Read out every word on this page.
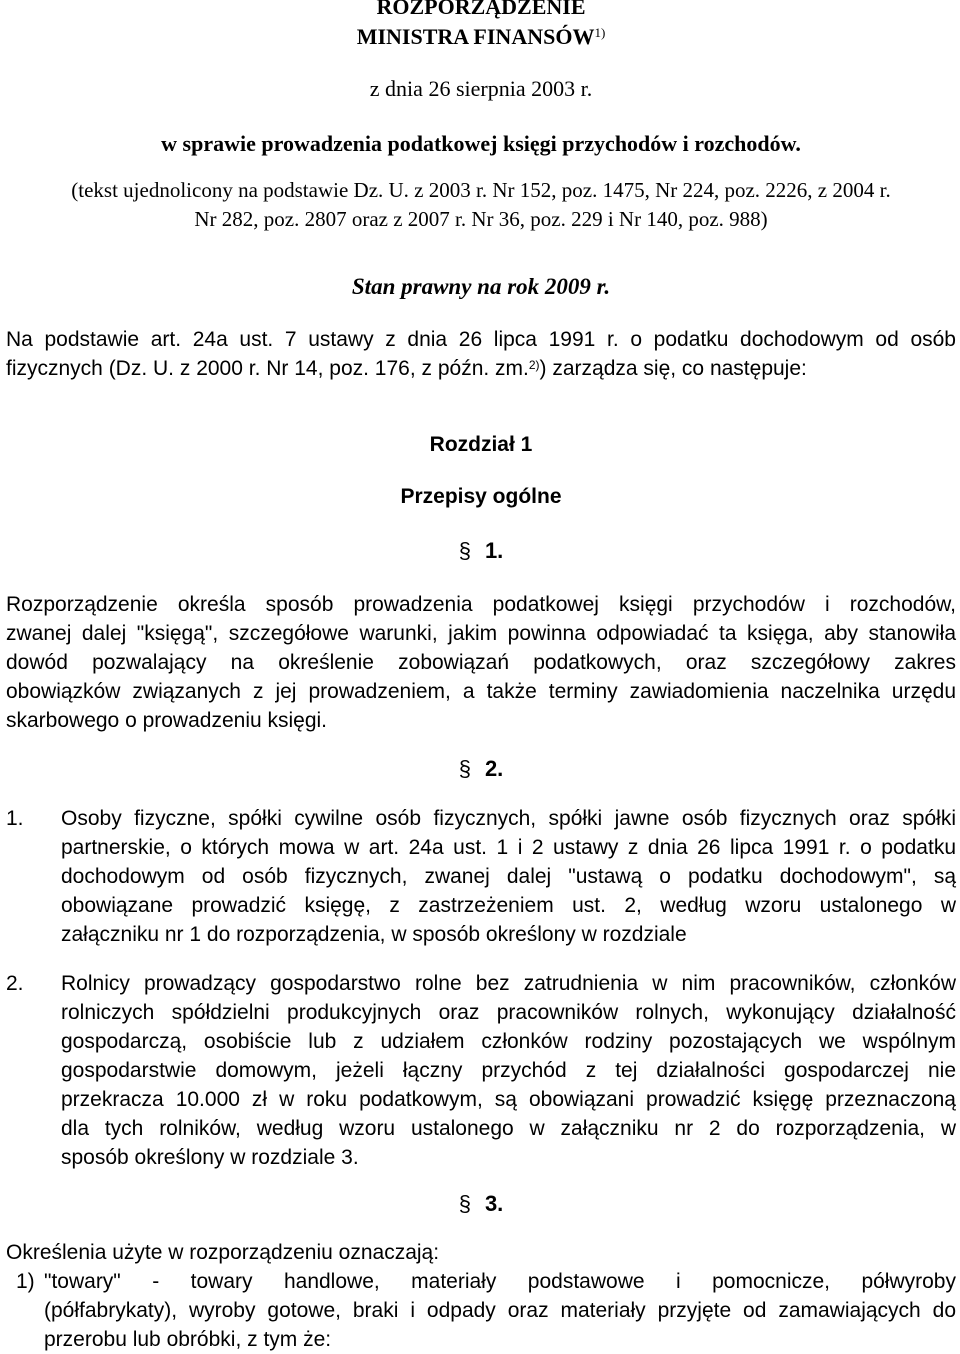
ROZPORZĄDZENIE
MINISTRA FINANSÓW$^{1)}$
z dnia 26 sierpnia 2003 r.
w sprawie prowadzenia podatkowej księgi przychodów i rozchodów.
(tekst ujednolicony na podstawie Dz. U. z 2003 r. Nr 152, poz. 1475, Nr 224, poz. 2226, z 2004 r.
Nr 282, poz. 2807 oraz z 2007 r. Nr 36, poz. 229 i Nr 140, poz. 988)
Stan prawny na rok 2009 r.
Na podstawie art. 24a ust. 7 ustawy z dnia 26 lipca 1991 r. o podatku dochodowym od osób
fizycznych (Dz. U. z 2000 r. Nr 14, poz. 176, z późn. zm.$^{2)}$) zarządza się, co następuje:
Rozdział 1
Przepisy ogólne
§ 1.
Rozporządzenie określa sposób prowadzenia podatkowej księgi przychodów i rozchodów,
zwanej dalej "księgą", szczegółowe warunki, jakim powinna odpowiadać ta księga, aby stanowiła
dowód pozwalający na określenie zobowiązań podatkowych, oraz szczegółowy zakres
obowiązków związanych z jej prowadzeniem, a także terminy zawiadomienia naczelnika urzędu
skarbowego o prowadzeniu księgi.
§ 2.
1. Osoby fizyczne, spółki cywilne osób fizycznych, spółki jawne osób fizycznych oraz spółki
partnerskie, o których mowa w art. 24a ust. 1 i 2 ustawy z dnia 26 lipca 1991 r. o podatku
dochodowym od osób fizycznych, zwanej dalej "ustawą o podatku dochodowym", są
obowiązane prowadzić księgę, z zastrzeżeniem ust. 2, według wzoru ustalonego w
załączniku nr 1 do rozporządzenia, w sposób określony w rozdziale
2. Rolnicy prowadzący gospodarstwo rolne bez zatrudnienia w nim pracowników, członków
rolniczych spółdzielni produkcyjnych oraz pracowników rolnych, wykonujący działalność
gospodarczą, osobiście lub z udziałem członków rodziny pozostających we wspólnym
gospodarstwie domowym, jeżeli łączny przychód z tej działalności gospodarczej nie
przekracza 10.000 zł w roku podatkowym, są obowiązani prowadzić księgę przeznaczoną
dla tych rolników, według wzoru ustalonego w załączniku nr 2 do rozporządzenia, w
sposób określony w rozdziale 3.
§ 3.
Określenia użyte w rozporządzeniu oznaczają:
1) "towary" - towary handlowe, materiały podstawowe i pomocnicze, półwyroby
(półfabrykaty), wyroby gotowe, braki i odpady oraz materiały przyjęte od zamawiających do
przerobu lub obróbki, z tym że:
